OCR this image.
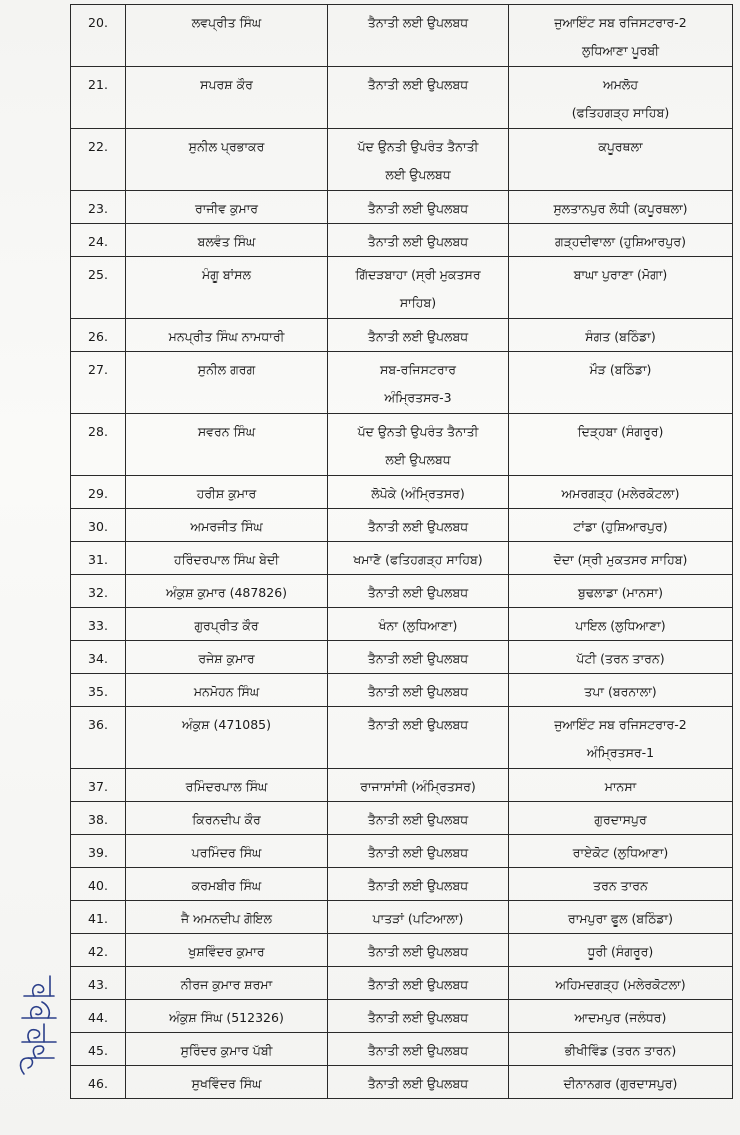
20.	ਲਵਪ੍ਰੀਤ ਸਿੰਘ	ਤੈਨਾਤੀ ਲਈ ਉਪਲਬਧ	ਜੁਆਇੰਟ ਸਬ ਰਜਿਸਟਰਾਰ-2
ਲੁਧਿਆਣਾ ਪੂਰਬੀ

21.	ਸਪਰਸ਼ ਕੌਰ	ਤੈਨਾਤੀ ਲਈ ਉਪਲਬਧ	ਅਮਲੋਹ
(ਫਤਿਹਗੜ੍ਹ ਸਾਹਿਬ)

22.	ਸੁਨੀਲ ਪ੍ਰਭਾਕਰ	ਪੱਦ ਉਨਤੀ ਉਪਰੰਤ ਤੈਨਾਤੀ
ਲਈ ਉਪਲਬਧ	ਕਪੂਰਥਲਾ

23.	ਰਾਜੀਵ ਕੁਮਾਰ	ਤੈਨਾਤੀ ਲਈ ਉਪਲਬਧ	ਸੁਲਤਾਨਪੁਰ ਲੋਧੀ (ਕਪੂਰਥਲਾ)

24.	ਬਲਵੰਤ ਸਿੰਘ	ਤੈਨਾਤੀ ਲਈ ਉਪਲਬਧ	ਗੜ੍ਹਦੀਵਾਲਾ (ਹੁਸ਼ਿਆਰਪੁਰ)

25.	ਮੰਗੂ ਬਾਂਸਲ	ਗਿੱਦੜਬਾਹਾ (ਸ੍ਰੀ ਮੁਕਤਸਰ
ਸਾਹਿਬ)	ਬਾਘਾ ਪੁਰਾਣਾ (ਮੋਗਾ)

26.	ਮਨਪ੍ਰੀਤ ਸਿੰਘ ਨਾਮਧਾਰੀ	ਤੈਨਾਤੀ ਲਈ ਉਪਲਬਧ	ਸੰਗਤ (ਬਠਿੰਡਾ)

27.	ਸੁਨੀਲ ਗਰਗ	ਸਬ-ਰਜਿਸਟਰਾਰ
ਅੰਮ੍ਰਿਤਸਰ-3	ਮੌੜ (ਬਠਿੰਡਾ)

28.	ਸਵਰਨ ਸਿੰਘ	ਪੱਦ ਉਨਤੀ ਉਪਰੰਤ ਤੈਨਾਤੀ
ਲਈ ਉਪਲਬਧ	ਦਿੜ੍ਹਬਾ (ਸੰਗਰੂਰ)

29.	ਹਰੀਸ਼ ਕੁਮਾਰ	ਲੋਪੋਕੇ (ਅੰਮ੍ਰਿਤਸਰ)	ਅਮਰਗੜ੍ਹ (ਮਲੇਰਕੋਟਲਾ)

30.	ਅਮਰਜੀਤ ਸਿੰਘ	ਤੈਨਾਤੀ ਲਈ ਉਪਲਬਧ	ਟਾਂਡਾ (ਹੁਸ਼ਿਆਰਪੁਰ)

31.	ਹਰਿੰਦਰਪਾਲ ਸਿੰਘ ਬੇਦੀ	ਖਮਾਣੋ (ਫਤਿਹਗੜ੍ਹ ਸਾਹਿਬ)	ਦੋਦਾ (ਸ੍ਰੀ ਮੁਕਤਸਰ ਸਾਹਿਬ)

32.	ਅੰਕੁਸ਼ ਕੁਮਾਰ (487826)	ਤੈਨਾਤੀ ਲਈ ਉਪਲਬਧ	ਬੁਢਲਾਡਾ (ਮਾਨਸਾ)

33.	ਗੁਰਪ੍ਰੀਤ ਕੌਰ	ਖੰਨਾ (ਲੁਧਿਆਣਾ)	ਪਾਇਲ (ਲੁਧਿਆਣਾ)

34.	ਰਜੇਸ਼ ਕੁਮਾਰ	ਤੈਨਾਤੀ ਲਈ ਉਪਲਬਧ	ਪੱਟੀ (ਤਰਨ ਤਾਰਨ)

35.	ਮਨਮੋਹਨ ਸਿੰਘ	ਤੈਨਾਤੀ ਲਈ ਉਪਲਬਧ	ਤਪਾ (ਬਰਨਾਲਾ)

36.	ਅੰਕੁਸ਼ (471085)	ਤੈਨਾਤੀ ਲਈ ਉਪਲਬਧ	ਜੁਆਇੰਟ ਸਬ ਰਜਿਸਟਰਾਰ-2
ਅੰਮ੍ਰਿਤਸਰ-1

37.	ਰਮਿੰਦਰਪਾਲ ਸਿੰਘ	ਰਾਜਾਸਾਂਸੀ (ਅੰਮ੍ਰਿਤਸਰ)	ਮਾਨਸਾ

38.	ਕਿਰਨਦੀਪ ਕੌਰ	ਤੈਨਾਤੀ ਲਈ ਉਪਲਬਧ	ਗੁਰਦਾਸਪੁਰ

39.	ਪਰਮਿੰਦਰ ਸਿੰਘ	ਤੈਨਾਤੀ ਲਈ ਉਪਲਬਧ	ਰਾਏਕੋਟ (ਲੁਧਿਆਣਾ)

40.	ਕਰਮਬੀਰ ਸਿੰਘ	ਤੈਨਾਤੀ ਲਈ ਉਪਲਬਧ	ਤਰਨ ਤਾਰਨ

41.	ਜੈ ਅਮਨਦੀਪ ਗੋਇਲ	ਪਾਤੜਾਂ (ਪਟਿਆਲਾ)	ਰਾਮਪੁਰਾ ਫੂਲ (ਬਠਿੰਡਾ)

42.	ਖੁਸ਼ਵਿੰਦਰ ਕੁਮਾਰ	ਤੈਨਾਤੀ ਲਈ ਉਪਲਬਧ	ਧੂਰੀ (ਸੰਗਰੂਰ)

43.	ਨੀਰਜ ਕੁਮਾਰ ਸ਼ਰਮਾ	ਤੈਨਾਤੀ ਲਈ ਉਪਲਬਧ	ਅਹਿਮਦਗੜ੍ਹ (ਮਲੇਰਕੋਟਲਾ)

44.	ਅੰਕੁਸ਼ ਸਿੰਘ (512326)	ਤੈਨਾਤੀ ਲਈ ਉਪਲਬਧ	ਆਦਮਪੁਰ (ਜਲੰਧਰ)

45.	ਸੁਰਿੰਦਰ ਕੁਮਾਰ ਪੱਬੀ	ਤੈਨਾਤੀ ਲਈ ਉਪਲਬਧ	ਭੀਖੀਵਿੰਡ (ਤਰਨ ਤਾਰਨ)

46.	ਸੁਖਵਿੰਦਰ ਸਿੰਘ	ਤੈਨਾਤੀ ਲਈ ਉਪਲਬਧ	ਦੀਨਾਨਗਰ (ਗੁਰਦਾਸਪੁਰ)
